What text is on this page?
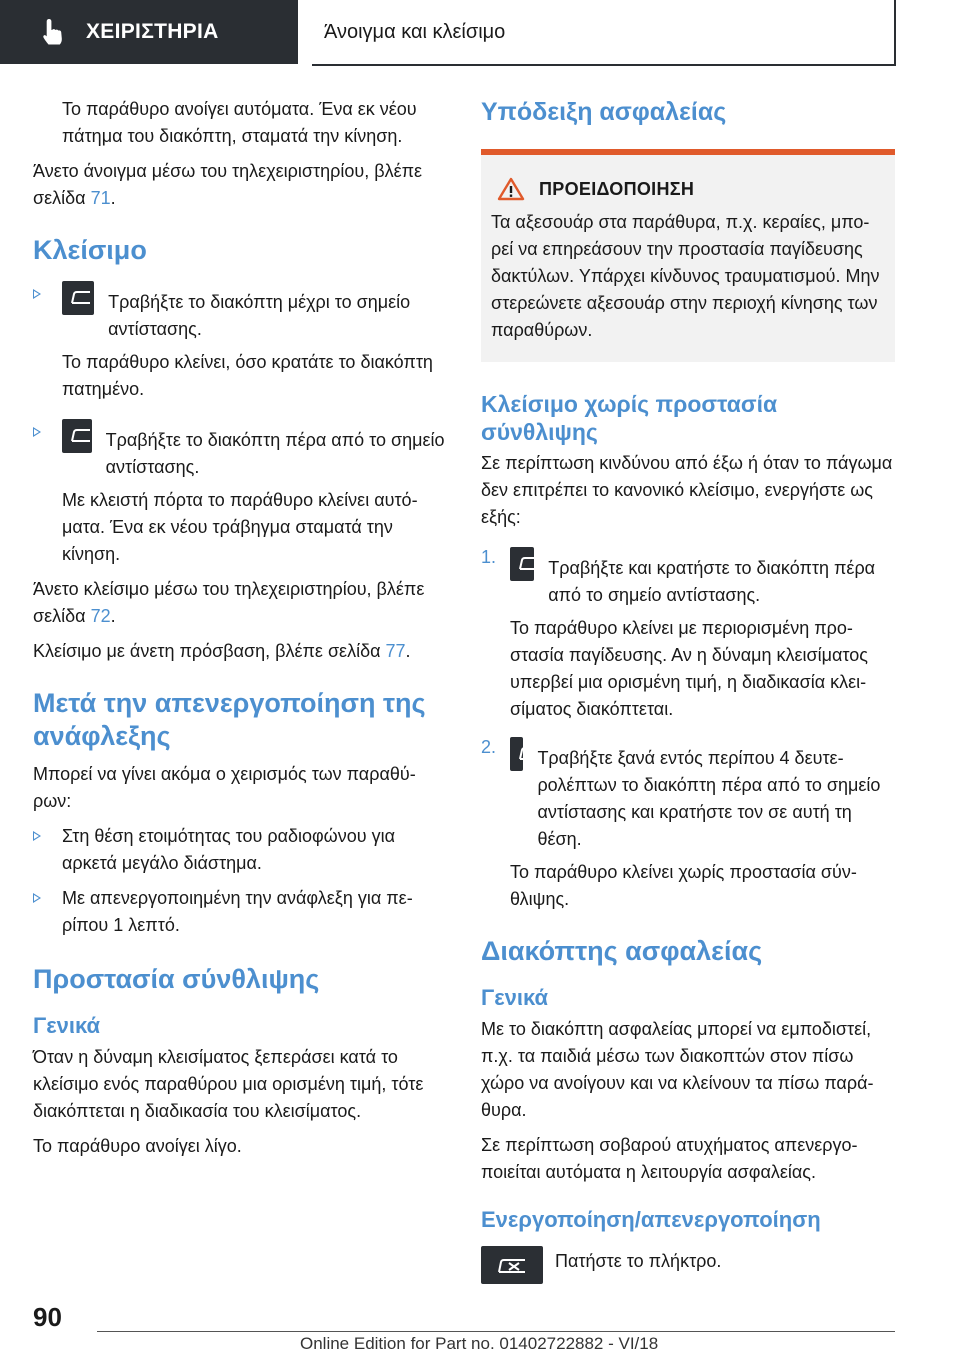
ΧΕΙΡΙΣΤΗΡΙΑ	Άνοιγμα και κλείσιμο

Το παράθυρο ανοίγει αυτόματα. Ένα εκ νέου πάτημα του διακόπτη, σταματά την κίνηση.

Άνετο άνοιγμα μέσω του τηλεχειριστηρίου, βλέπε σελίδα 71.

Κλείσιμο

Τραβήξτε το διακόπτη μέχρι το σημείο αντίστασης.

Το παράθυρο κλείνει, όσο κρατάτε το διακόπτη πατημένο.

Τραβήξτε το διακόπτη πέρα από το σημείο αντίστασης.

Με κλειστή πόρτα το παράθυρο κλείνει αυτόματα. Ένα εκ νέου τράβηγμα σταματά την κίνηση.

Άνετο κλείσιμο μέσω του τηλεχειριστηρίου, βλέπε σελίδα 72.

Κλείσιμο με άνετη πρόσβαση, βλέπε σελίδα 77.

Μετά την απενεργοποίηση της ανάφλεξης

Μπορεί να γίνει ακόμα ο χειρισμός των παραθύρων:

Στη θέση ετοιμότητας του ραδιοφώνου για αρκετά μεγάλο διάστημα.

Με απενεργοποιημένη την ανάφλεξη για περίπου 1 λεπτό.

Προστασία σύνθλιψης
Γενικά

Όταν η δύναμη κλεισίματος ξεπεράσει κατά το κλείσιμο ενός παραθύρου μια ορισμένη τιμή, τότε διακόπτεται η διαδικασία του κλεισίματος.

Το παράθυρο ανοίγει λίγο.

Υπόδειξη ασφαλείας
ΠΡΟΕΙΔΟΠΟΙΗΣΗ

Τα αξεσουάρ στα παράθυρα, π.χ. κεραίες, μπορεί να επηρεάσουν την προστασία παγίδευσης δακτύλων. Υπάρχει κίνδυνος τραυματισμού. Μην στερεώνετε αξεσουάρ στην περιοχή κίνησης των παραθύρων.

Κλείσιμο χωρίς προστασία σύνθλιψης

Σε περίπτωση κινδύνου από έξω ή όταν το πάγωμα δεν επιτρέπει το κανονικό κλείσιμο, ενεργήστε ως εξής:

1.

Τραβήξτε και κρατήστε το διακόπτη πέρα από το σημείο αντίστασης.

Το παράθυρο κλείνει με περιορισμένη προστασία παγίδευσης. Αν η δύναμη κλεισίματος υπερβεί μια ορισμένη τιμή, η διαδικασία κλεισίματος διακόπτεται.

2.

Τραβήξτε ξανά εντός περίπου 4 δευτερολέπτων το διακόπτη πέρα από το σημείο αντίστασης και κρατήστε τον σε αυτή τη θέση.

Το παράθυρο κλείνει χωρίς προστασία σύνθλιψης.

Διακόπτης ασφαλείας
Γενικά

Με το διακόπτη ασφαλείας μπορεί να εμποδιστεί, π.χ. τα παιδιά μέσω των διακοπτών στον πίσω χώρο να ανοίγουν και να κλείνουν τα πίσω παράθυρα.

Σε περίπτωση σοβαρού ατυχήματος απενεργοποιείται αυτόματα η λειτουργία ασφαλείας.

Ενεργοποίηση/απενεργοποίηση

Πατήστε το πλήκτρο.

90
Online Edition for Part no. 01402722882 - VI/18
